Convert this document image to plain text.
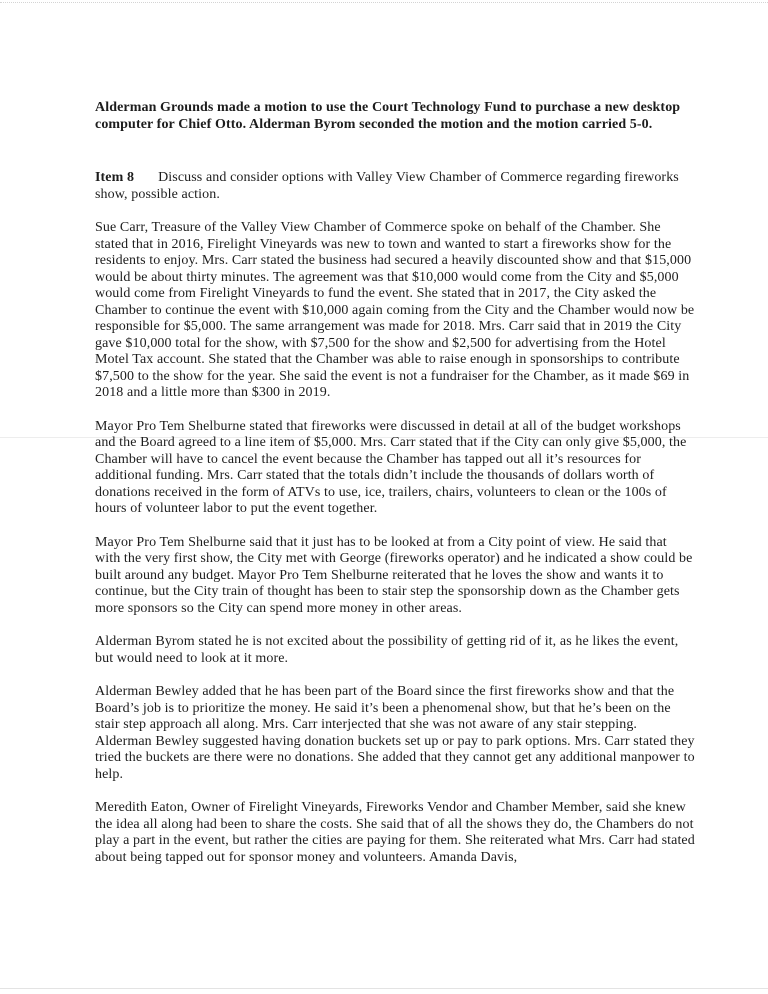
Alderman Grounds made a motion to use the Court Technology Fund to purchase a new desktop computer for Chief Otto. Alderman Byrom seconded the motion and the motion carried 5-0.

Item 8 Discuss and consider options with Valley View Chamber of Commerce regarding fireworks show, possible action.

Sue Carr, Treasure of the Valley View Chamber of Commerce spoke on behalf of the Chamber. She stated that in 2016, Firelight Vineyards was new to town and wanted to start a fireworks show for the residents to enjoy. Mrs. Carr stated the business had secured a heavily discounted show and that $15,000 would be about thirty minutes. The agreement was that $10,000 would come from the City and $5,000 would come from Firelight Vineyards to fund the event. She stated that in 2017, the City asked the Chamber to continue the event with $10,000 again coming from the City and the Chamber would now be responsible for $5,000. The same arrangement was made for 2018. Mrs. Carr said that in 2019 the City gave $10,000 total for the show, with $7,500 for the show and $2,500 for advertising from the Hotel Motel Tax account. She stated that the Chamber was able to raise enough in sponsorships to contribute $7,500 to the show for the year. She said the event is not a fundraiser for the Chamber, as it made $69 in 2018 and a little more than $300 in 2019.

Mayor Pro Tem Shelburne stated that fireworks were discussed in detail at all of the budget workshops and the Board agreed to a line item of $5,000. Mrs. Carr stated that if the City can only give $5,000, the Chamber will have to cancel the event because the Chamber has tapped out all it’s resources for additional funding. Mrs. Carr stated that the totals didn’t include the thousands of dollars worth of donations received in the form of ATVs to use, ice, trailers, chairs, volunteers to clean or the 100s of hours of volunteer labor to put the event together.

Mayor Pro Tem Shelburne said that it just has to be looked at from a City point of view. He said that with the very first show, the City met with George (fireworks operator) and he indicated a show could be built around any budget. Mayor Pro Tem Shelburne reiterated that he loves the show and wants it to continue, but the City train of thought has been to stair step the sponsorship down as the Chamber gets more sponsors so the City can spend more money in other areas.

Alderman Byrom stated he is not excited about the possibility of getting rid of it, as he likes the event, but would need to look at it more.

Alderman Bewley added that he has been part of the Board since the first fireworks show and that the Board’s job is to prioritize the money. He said it’s been a phenomenal show, but that he’s been on the stair step approach all along. Mrs. Carr interjected that she was not aware of any stair stepping. Alderman Bewley suggested having donation buckets set up or pay to park options. Mrs. Carr stated they tried the buckets are there were no donations. She added that they cannot get any additional manpower to help.

Meredith Eaton, Owner of Firelight Vineyards, Fireworks Vendor and Chamber Member, said she knew the idea all along had been to share the costs. She said that of all the shows they do, the Chambers do not play a part in the event, but rather the cities are paying for them. She reiterated what Mrs. Carr had stated about being tapped out for sponsor money and volunteers. Amanda Davis,
